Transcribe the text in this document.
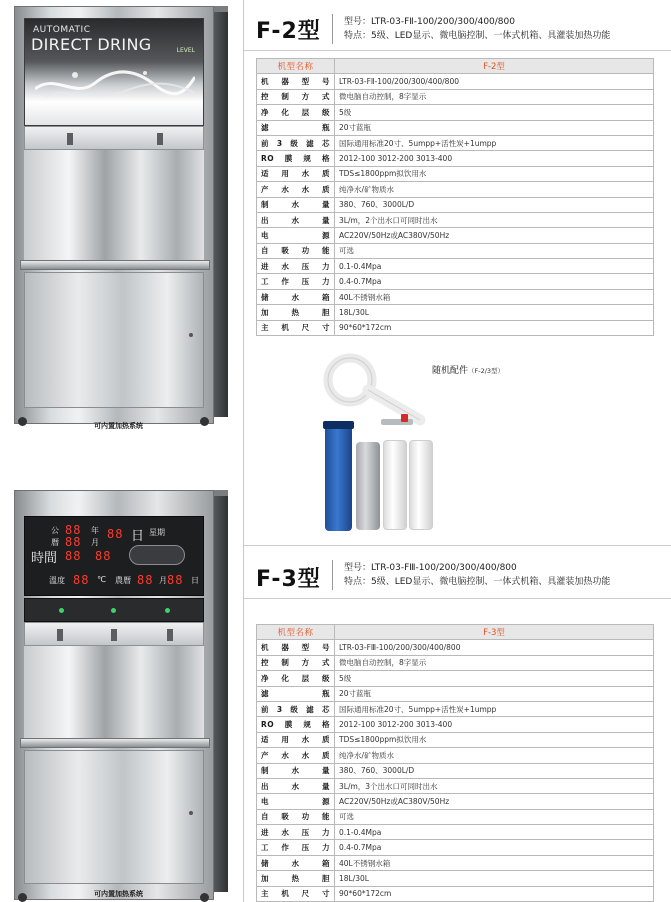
AUTOMATIC
DIRECT DRING	LEVEL
可内置加热系统
公 88 年
曆 88 月
88 日 星期
時間 88 88
溫度 88 ℃ 農曆 88 月 88 日
可内置加热系统
F-2型	型号：LTR-03-FⅡ-100/200/300/400/800
特点：5级、LED显示、微电脑控制、一体式机箱、具灌装加热功能
机型名称	F-2型
机器型号	LTR-03-FⅡ-100/200/300/400/800
控制方式	微电脑自动控制，8字显示
净化层级	5级
滤瓶	20寸蓝瓶
前3级滤芯	国际通用标准20寸、5umpp+活性炭+1umpp
RO膜规格	2012-100 3012-200 3013-400
适用水质	TDS≤1800ppm拟饮用水
产水水质	纯净水/矿物质水
制水量	380、760、3000L/D
出水量	3L/m，2个出水口可同时出水
电源	AC220V/50Hz或AC380V/50Hz
自吸功能	可选
进水压力	0.1-0.4Mpa
工作压力	0.4-0.7Mpa
储水箱	40L不锈钢水箱
加热胆	18L/30L
主机尺寸	90*60*172cm
随机配件（F-2/3型）
F-3型	型号：LTR-03-FⅢ-100/200/300/400/800
特点：5级、LED显示、微电脑控制、一体式机箱、具灌装加热功能
机型名称	F-3型
机器型号	LTR-03-FⅢ-100/200/300/400/800
控制方式	微电脑自动控制，8字显示
净化层级	5级
滤瓶	20寸蓝瓶
前3级滤芯	国际通用标准20寸、5umpp+活性炭+1umpp
RO膜规格	2012-100 3012-200 3013-400
适用水质	TDS≤1800ppm拟饮用水
产水水质	纯净水/矿物质水
制水量	380、760、3000L/D
出水量	3L/m，3个出水口可同时出水
电源	AC220V/50Hz或AC380V/50Hz
自吸功能	可选
进水压力	0.1-0.4Mpa
工作压力	0.4-0.7Mpa
储水箱	40L不锈钢水箱
加热胆	18L/30L
主机尺寸	90*60*172cm
